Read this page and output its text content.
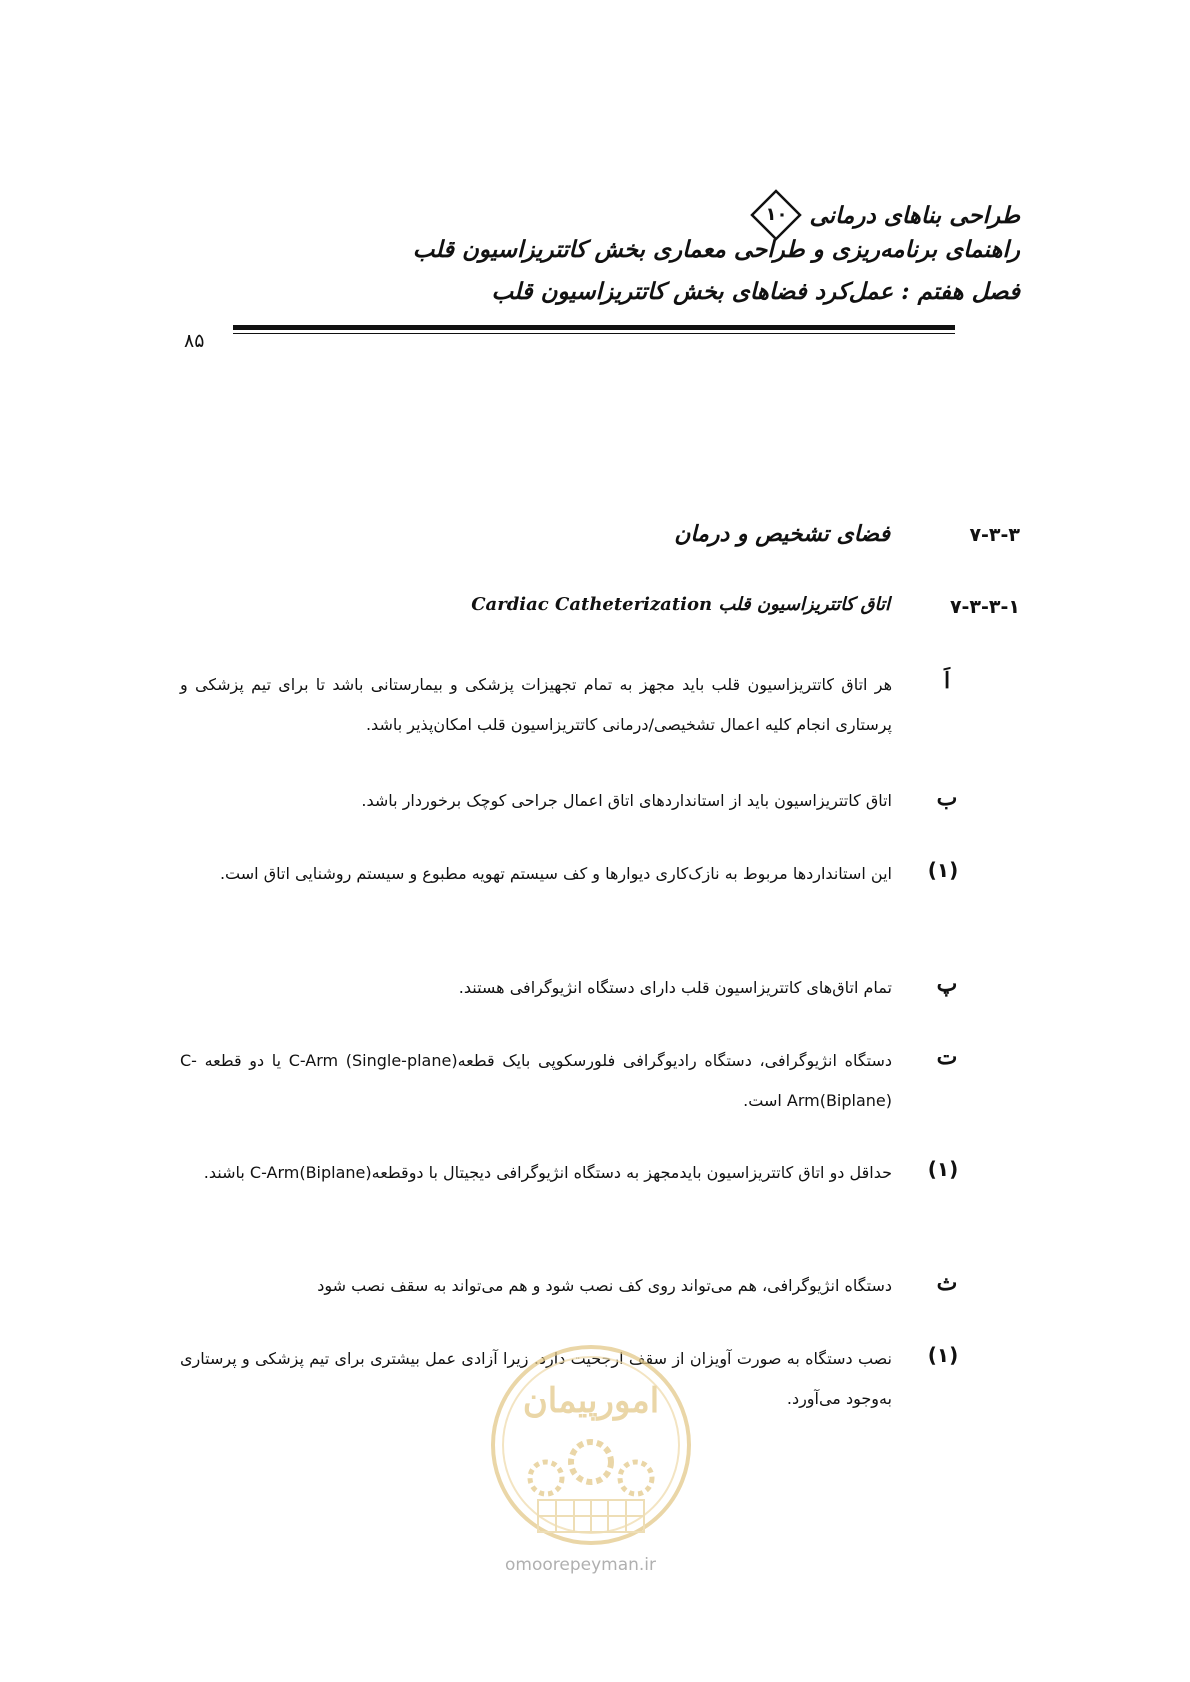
طراحی بناهای درمانی
۱۰
راهنمای برنامه‌ریزی و طراحی معماری بخش کاتتریزاسیون قلب
فصل هفتم : عمل‌کرد فضاهای بخش کاتتریزاسیون قلب
۸۵
۷-۳-۳
فضای تشخیص و درمان
۷-۳-۳-۱
اتاق کاتتریزاسیون قلب Cardiac Catheterization
اَ
هر اتاق کاتتریزاسیون قلب باید مجهز به تمام تجهیزات پزشکی و بیمارستانی باشد تا برای تیم پزشکی و پرستاری انجام کلیه اعمال تشخیصی/درمانی کاتتریزاسیون قلب امکان‌پذیر باشد.
ب
اتاق کاتتریزاسیون باید از استانداردهای اتاق اعمال جراحی کوچک برخوردار باشد.
(۱)
این استانداردها مربوط به نازک‌کاری دیوارها و کف سیستم تهویه مطبوع و سیستم روشنایی اتاق است.
پ
تمام اتاق‌های کاتتریزاسیون قلب دارای دستگاه انژیوگرافی هستند.
ت
دستگاه انژیوگرافی، دستگاه رادیوگرافی فلورسکوپی بایک قطعه‌C-Arm (Single-plane) یا دو قطعه C-Arm(Biplane) است.
(۱)
حداقل دو اتاق کاتتریزاسیون بایدمجهز به دستگاه انژیوگرافی دیجیتال با دوقطعهC-Arm(Biplane) باشند.
ث
دستگاه انژیوگرافی، هم می‌تواند روی کف نصب شود و هم می‌تواند به سقف نصب شود
(۱)
نصب دستگاه به صورت آویزان از سقف ارجحیت دارد. زیرا آزادی عمل بیشتری برای تیم پزشکی و پرستاری به‌وجود می‌آورد.
امورپیمان
omoorepeyman.ir
